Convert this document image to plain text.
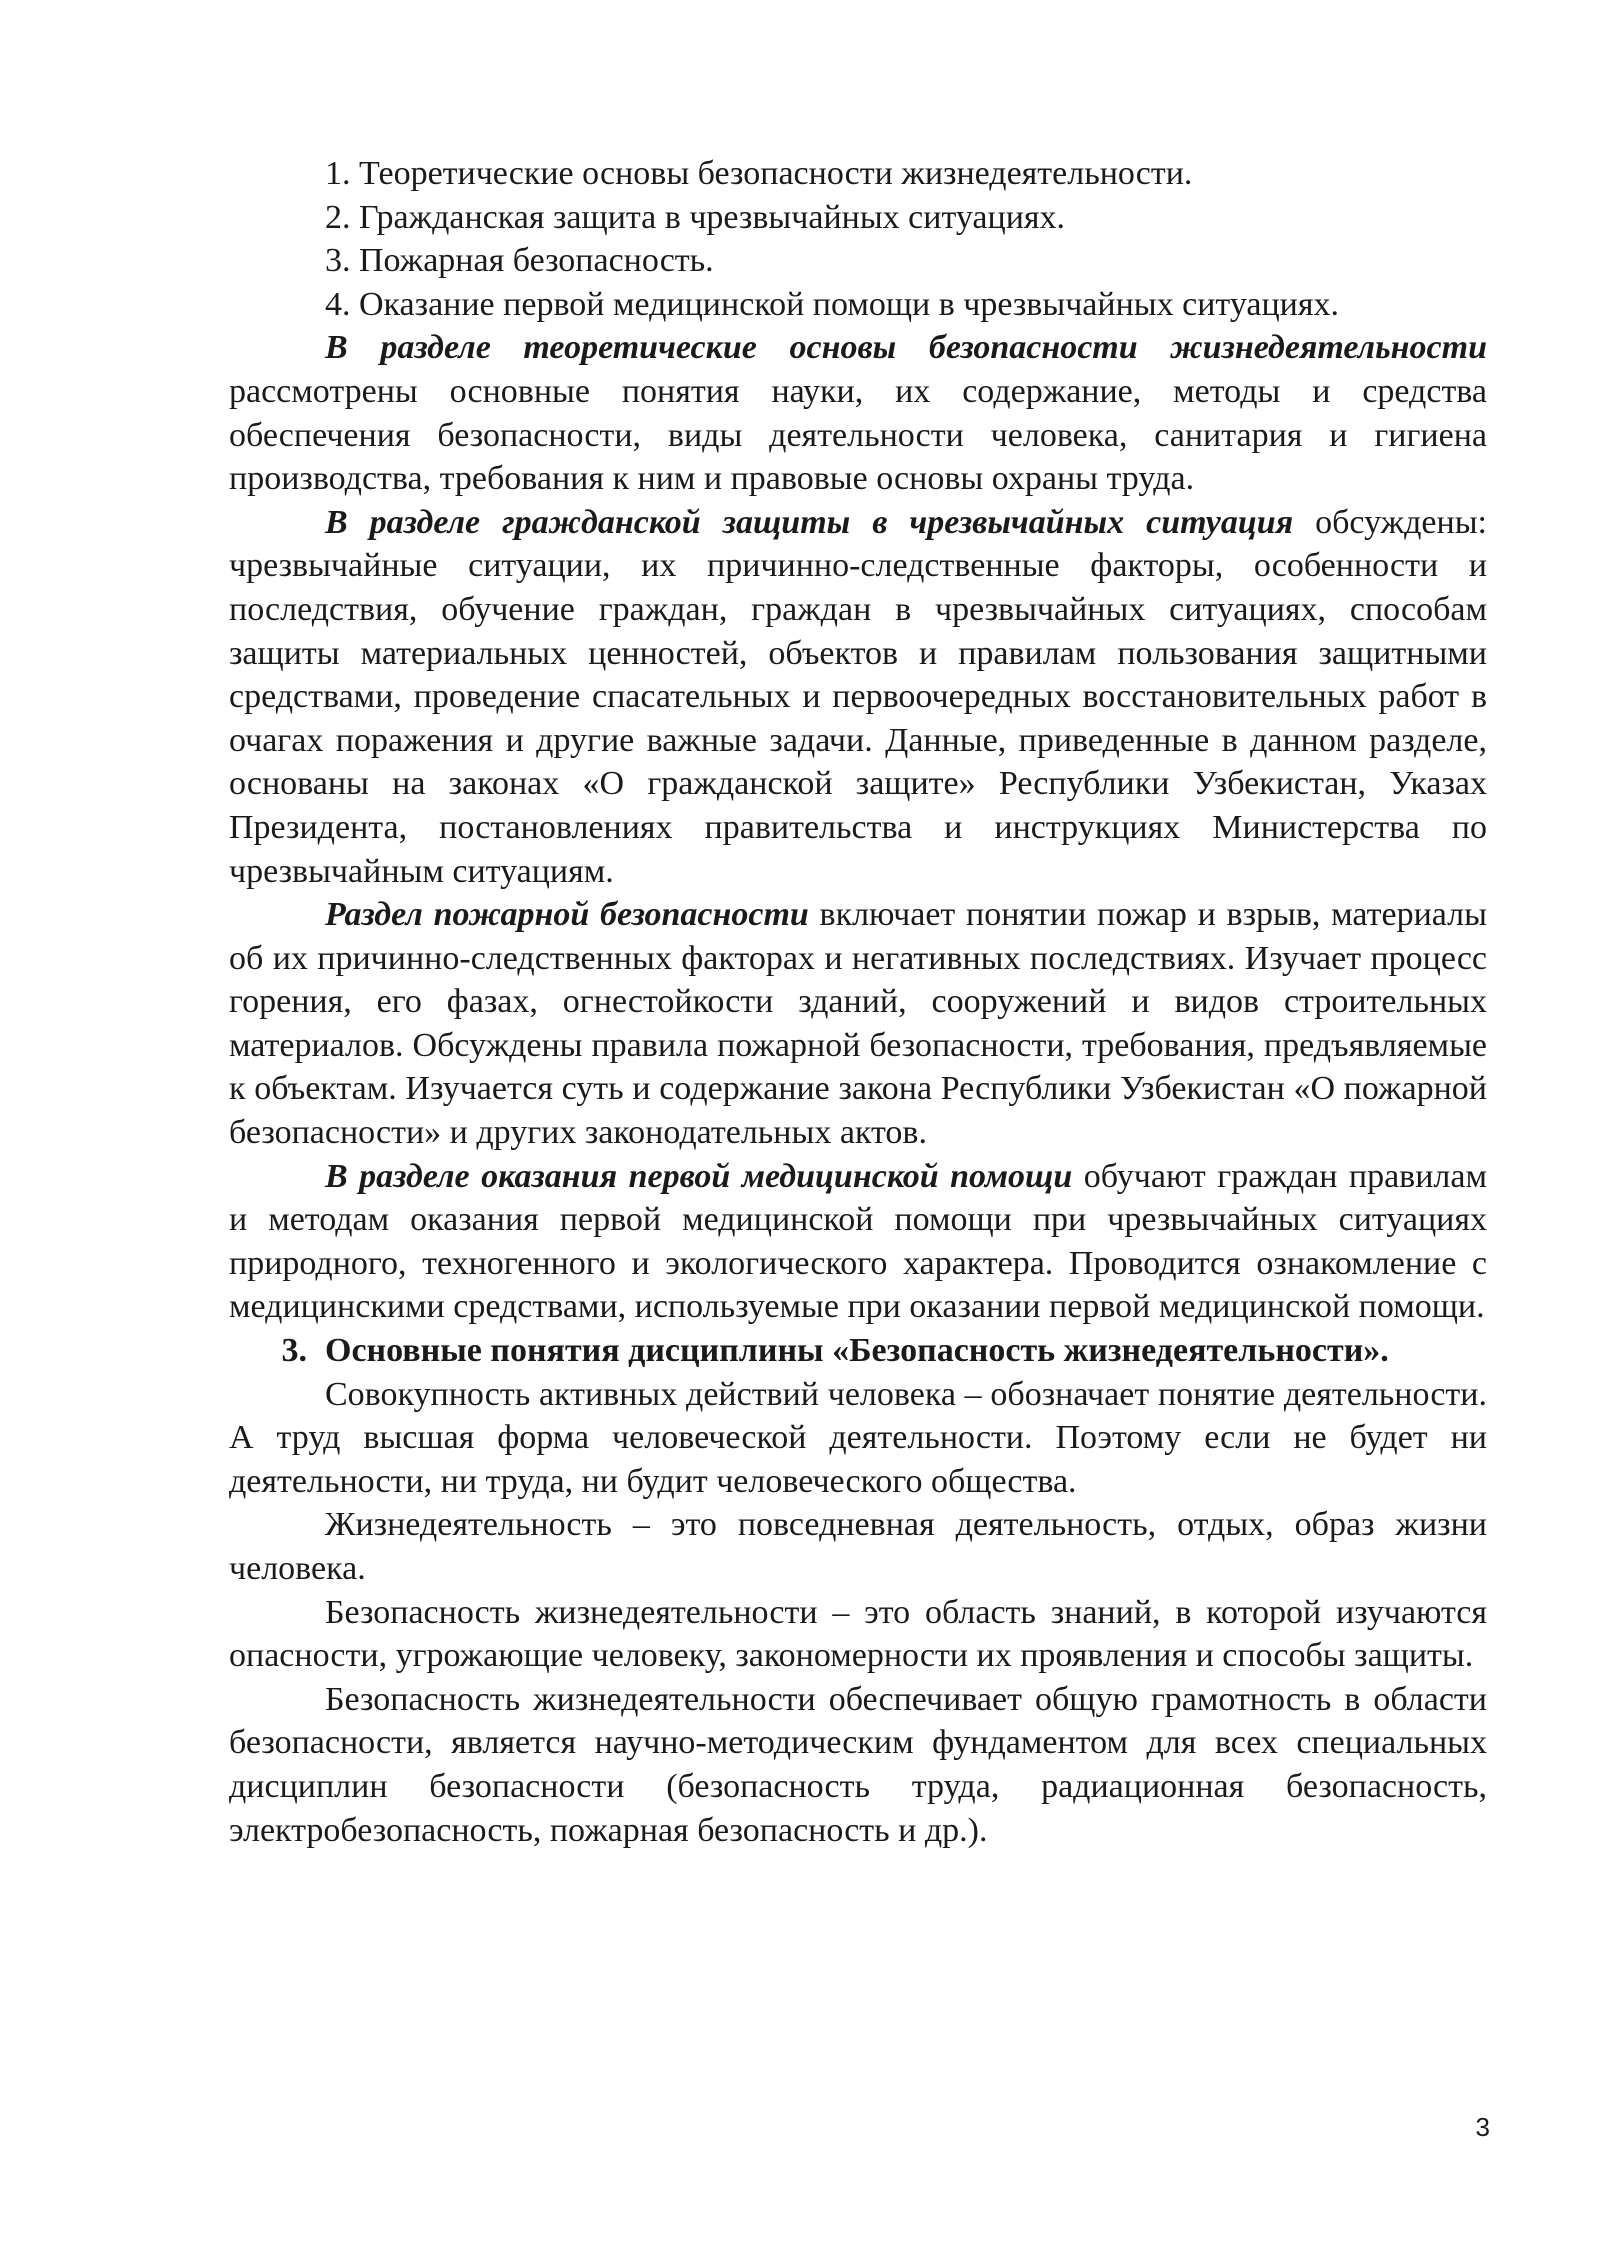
1. Теоретические основы безопасности жизнедеятельности.

2. Гражданская защита в чрезвычайных ситуациях.

3. Пожарная безопасность.

4. Оказание первой медицинской помощи в чрезвычайных ситуациях.

В разделе теоретические основы безопасности жизнедеятельности рассмотрены основные понятия науки, их содержание, методы и средства обеспечения безопасности, виды деятельности человека, санитария и гигиена производства, требования к ним и правовые основы охраны труда.

В разделе гражданской защиты в чрезвычайных ситуация обсуждены: чрезвычайные ситуации, их причинно-следственные факторы, особенности и последствия, обучение граждан, граждан в чрезвычайных ситуациях, способам защиты материальных ценностей, объектов и правилам пользования защитными средствами, проведение спасательных и первоочередных восстановительных работ в очагах поражения и другие важные задачи. Данные, приведенные в данном разделе, основаны на законах «О гражданской защите» Республики Узбекистан, Указах Президента, постановлениях правительства и инструкциях Министерства по чрезвычайным ситуациям.

Раздел пожарной безопасности включает понятии пожар и взрыв, материалы об их причинно-следственных факторах и негативных последствиях. Изучает процесс горения, его фазах, огнестойкости зданий, сооружений и видов строительных материалов. Обсуждены правила пожарной безопасности, требования, предъявляемые к объектам. Изучается суть и содержание закона Республики Узбекистан «О пожарной безопасности» и других законодательных актов.

В разделе оказания первой медицинской помощи обучают граждан правилам и методам оказания первой медицинской помощи при чрезвычайных ситуациях природного, техногенного и экологического характера. Проводится ознакомление с медицинскими средствами, используемые при оказании первой медицинской помощи.

3. Основные понятия дисциплины «Безопасность жизнедеятельности».

Совокупность активных действий человека – обозначает понятие деятельности. А труд высшая форма человеческой деятельности. Поэтому если не будет ни деятельности, ни труда, ни будит человеческого общества.

Жизнедеятельность – это повседневная деятельность, отдых, образ жизни человека.

Безопасность жизнедеятельности – это область знаний, в которой изучаются опасности, угрожающие человеку, закономерности их проявления и способы защиты.

Безопасность жизнедеятельности обеспечивает общую грамотность в области безопасности, является научно-методическим фундаментом для всех специальных дисциплин безопасности (безопасность труда, радиационная безопасность, электробезопасность, пожарная безопасность и др.).

3
